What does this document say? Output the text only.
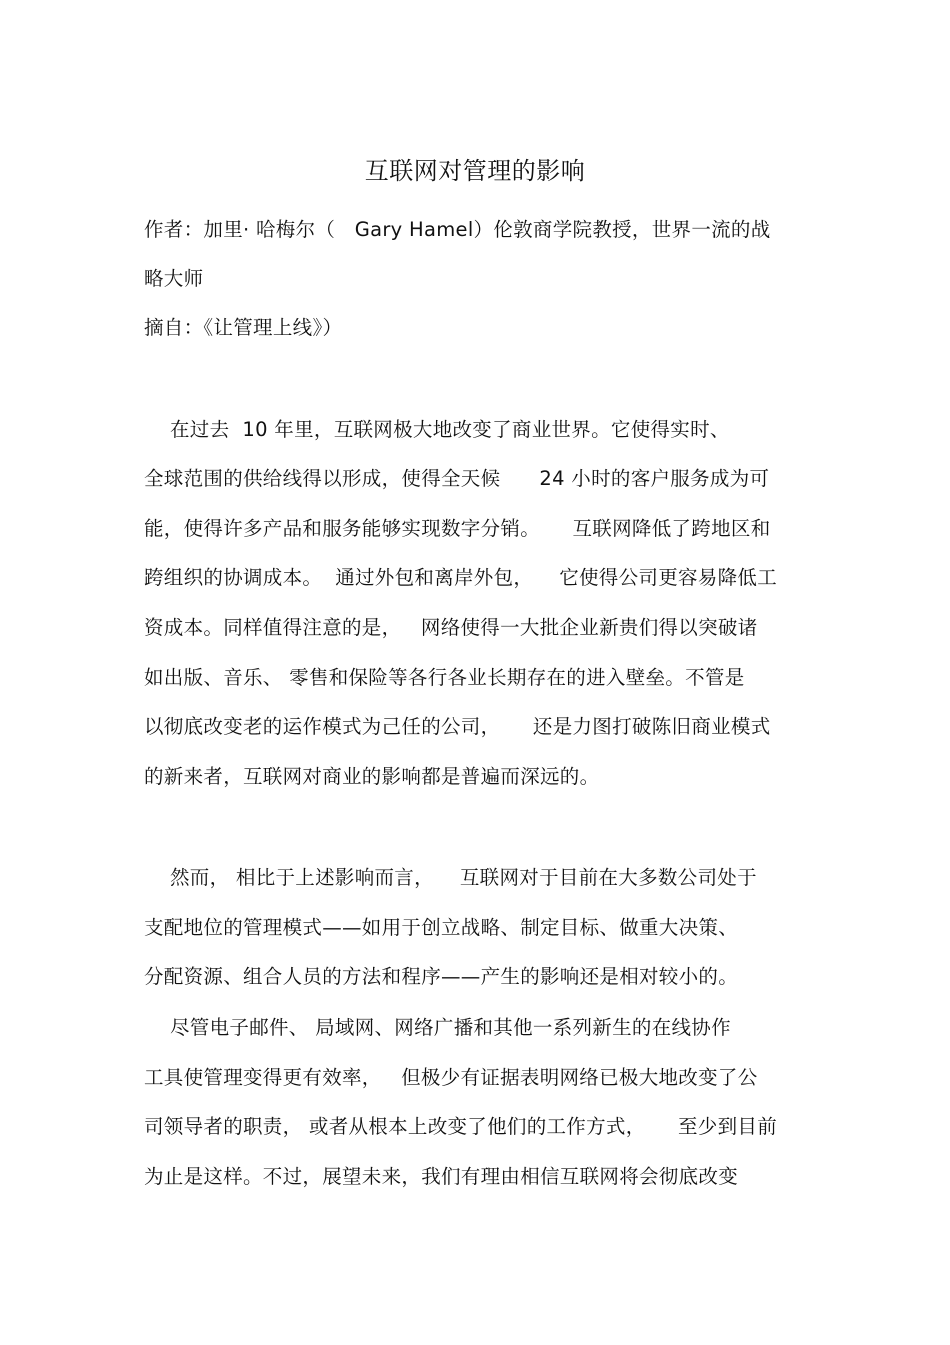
互联网对管理的影响
作者：加里· 哈梅尔（   Gary Hamel）伦敦商学院教授，世界一流的战
略大师
摘自：《让管理上线》）
在过去  10 年里，互联网极大地改变了商业世界。它使得实时、
全球范围的供给线得以形成，使得全天候      24 小时的客户服务成为可
能，使得许多产品和服务能够实现数字分销。     互联网降低了跨地区和
跨组织的协调成本。  通过外包和离岸外包，    它使得公司更容易降低工
资成本。同样值得注意的是，   网络使得一大批企业新贵们得以突破诸
如出版、音乐、 零售和保险等各行各业长期存在的进入壁垒。不管是
以彻底改变老的运作模式为己任的公司，     还是力图打破陈旧商业模式
的新来者，互联网对商业的影响都是普遍而深远的。
然而， 相比于上述影响而言，    互联网对于目前在大多数公司处于
支配地位的管理模式——如用于创立战略、制定目标、做重大决策、
分配资源、组合人员的方法和程序——产生的影响还是相对较小的。
尽管电子邮件、 局域网、网络广播和其他一系列新生的在线协作
工具使管理变得更有效率，   但极少有证据表明网络已极大地改变了公
司领导者的职责， 或者从根本上改变了他们的工作方式，     至少到目前
为止是这样。不过，展望未来，我们有理由相信互联网将会彻底改变
